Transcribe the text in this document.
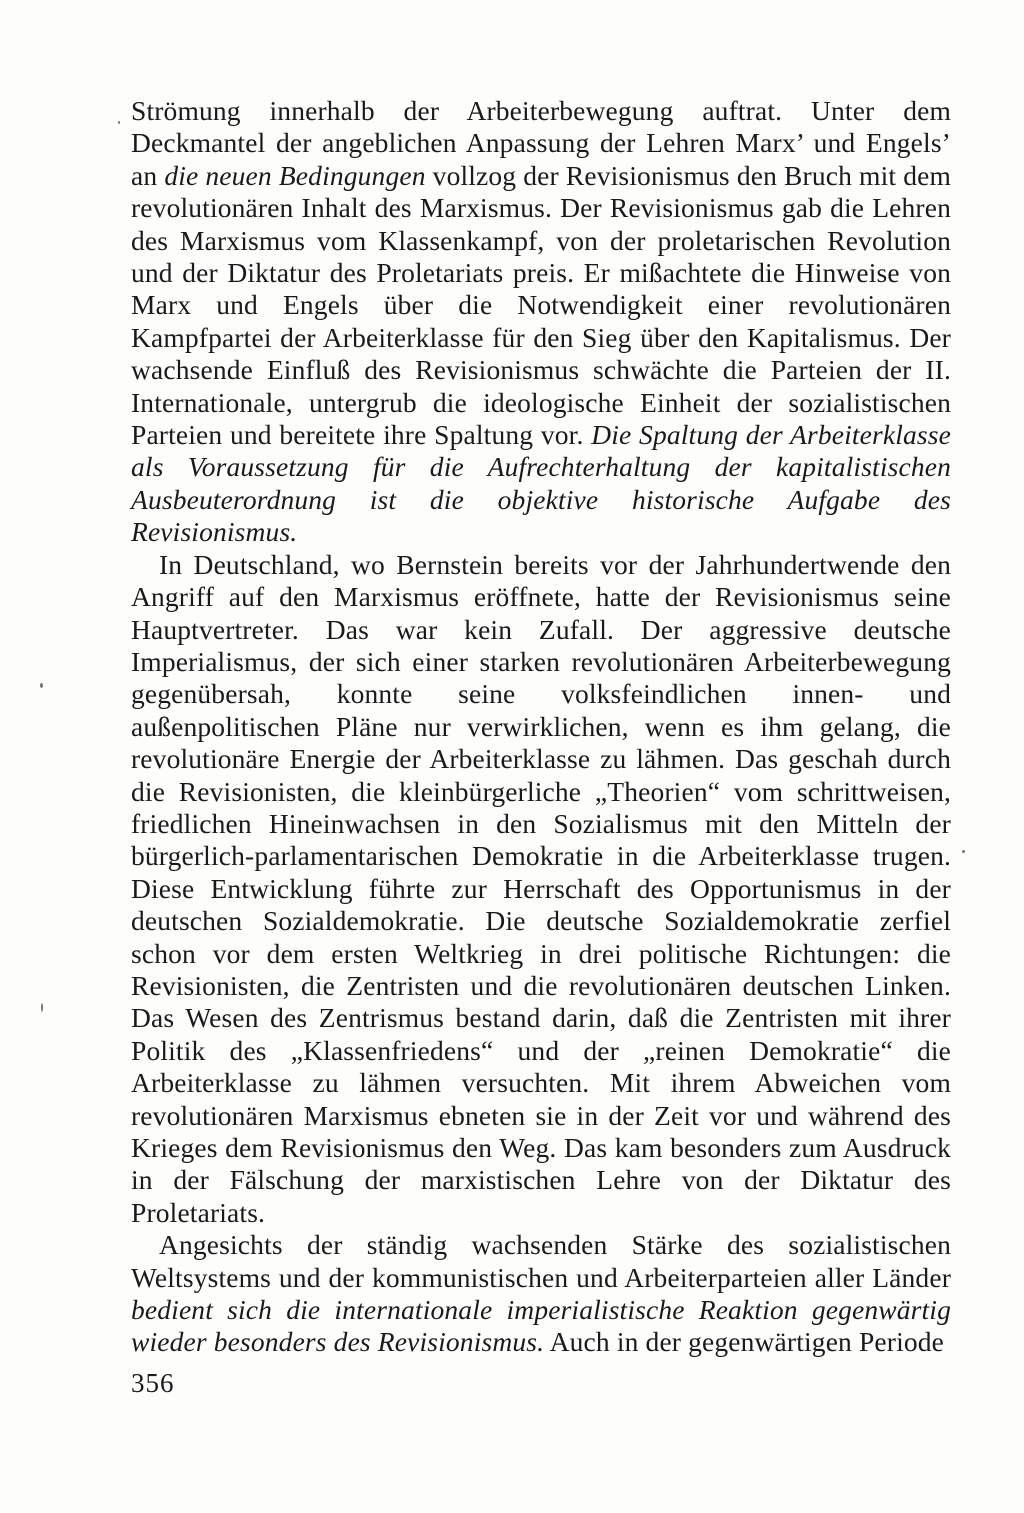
Strömung innerhalb der Arbeiterbewegung auftrat. Unter dem Deckmantel der angeblichen Anpassung der Lehren Marx’ und Engels’ an die neuen Bedingungen vollzog der Revisionismus den Bruch mit dem revolutionären Inhalt des Marxismus. Der Revisionismus gab die Lehren des Marxismus vom Klassenkampf, von der proletarischen Revolution und der Diktatur des Proletariats preis. Er mißachtete die Hinweise von Marx und Engels über die Notwendigkeit einer revolutionären Kampfpartei der Arbeiterklasse für den Sieg über den Kapitalismus. Der wachsende Einfluß des Revisionismus schwächte die Parteien der II. Internationale, untergrub die ideologische Einheit der sozialistischen Parteien und bereitete ihre Spaltung vor. Die Spaltung der Arbeiterklasse als Voraussetzung für die Aufrechterhaltung der kapitalistischen Ausbeuterordnung ist die objektive historische Aufgabe des Revisionismus.

In Deutschland, wo Bernstein bereits vor der Jahrhundertwende den Angriff auf den Marxismus eröffnete, hatte der Revisionismus seine Hauptvertreter. Das war kein Zufall. Der aggressive deutsche Imperialismus, der sich einer starken revolutionären Arbeiterbewegung gegenübersah, konnte seine volksfeindlichen innen- und außenpolitischen Pläne nur verwirklichen, wenn es ihm gelang, die revolutionäre Energie der Arbeiterklasse zu lähmen. Das geschah durch die Revisionisten, die kleinbürgerliche „Theorien“ vom schrittweisen, friedlichen Hineinwachsen in den Sozialismus mit den Mitteln der bürgerlich-parlamentarischen Demokratie in die Arbeiterklasse trugen. Diese Entwicklung führte zur Herrschaft des Opportunismus in der deutschen Sozialdemokratie. Die deutsche Sozialdemokratie zerfiel schon vor dem ersten Weltkrieg in drei politische Richtungen: die Revisionisten, die Zentristen und die revolutionären deutschen Linken. Das Wesen des Zentrismus bestand darin, daß die Zentristen mit ihrer Politik des „Klassenfriedens“ und der „reinen Demokratie“ die Arbeiterklasse zu lähmen versuchten. Mit ihrem Abweichen vom revolutionären Marxismus ebneten sie in der Zeit vor und während des Krieges dem Revisionismus den Weg. Das kam besonders zum Ausdruck in der Fälschung der marxistischen Lehre von der Diktatur des Proletariats.

Angesichts der ständig wachsenden Stärke des sozialistischen Weltsystems und der kommunistischen und Arbeiterparteien aller Länder bedient sich die internationale imperialistische Reaktion gegenwärtig wieder besonders des Revisionismus. Auch in der gegenwärtigen Periode

356
